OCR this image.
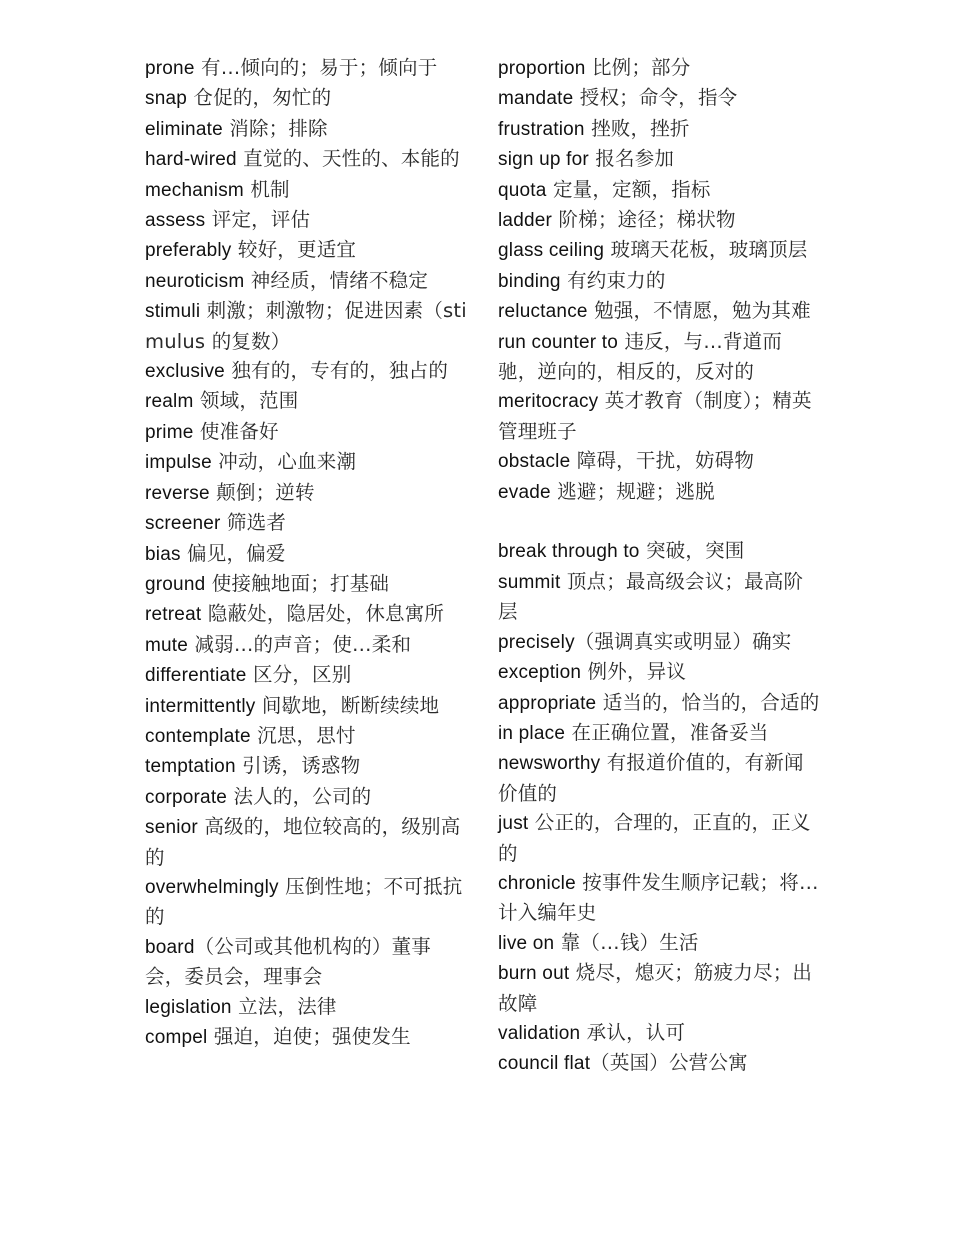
prone 有…倾向的；易于；倾向于
snap 仓促的，匆忙的
eliminate 消除；排除
hard-wired 直觉的、天性的、本能的
mechanism 机制
assess 评定，评估
preferably 较好，更适宜
neuroticism 神经质，情绪不稳定
stimuli 刺激；刺激物；促进因素（stimulus 的复数）
exclusive 独有的，专有的，独占的
realm 领域，范围
prime 使准备好
impulse 冲动，心血来潮
reverse 颠倒；逆转
screener 筛选者
bias 偏见，偏爱
ground 使接触地面；打基础
retreat 隐蔽处，隐居处，休息寓所
mute 减弱…的声音；使…柔和
differentiate 区分，区别
intermittently 间歇地，断断续续地
contemplate 沉思，思忖
temptation 引诱，诱惑物
corporate 法人的，公司的
senior 高级的，地位较高的，级别高的
overwhelmingly 压倒性地；不可抵抗的
board（公司或其他机构的）董事会，委员会，理事会
legislation 立法，法律
compel 强迫，迫使；强使发生
proportion 比例；部分
mandate 授权；命令，指令
frustration 挫败，挫折
sign up for 报名参加
quota 定量，定额，指标
ladder 阶梯；途径；梯状物
glass ceiling 玻璃天花板，玻璃顶层
binding 有约束力的
reluctance 勉强，不情愿，勉为其难
run counter to 违反，与…背道而驰，逆向的，相反的，反对的
meritocracy 英才教育（制度）；精英管理班子
obstacle 障碍，干扰，妨碍物
evade 逃避；规避；逃脱
break through to 突破，突围
summit 顶点；最高级会议；最高阶层
precisely（强调真实或明显）确实
exception 例外，异议
appropriate 适当的，恰当的，合适的
in place 在正确位置，准备妥当
newsworthy 有报道价值的，有新闻价值的
just 公正的，合理的，正直的，正义的
chronicle 按事件发生顺序记载；将…计入编年史
live on 靠（…钱）生活
burn out 烧尽，熄灭；筋疲力尽；出故障
validation 承认，认可
council flat（英国）公营公寓
